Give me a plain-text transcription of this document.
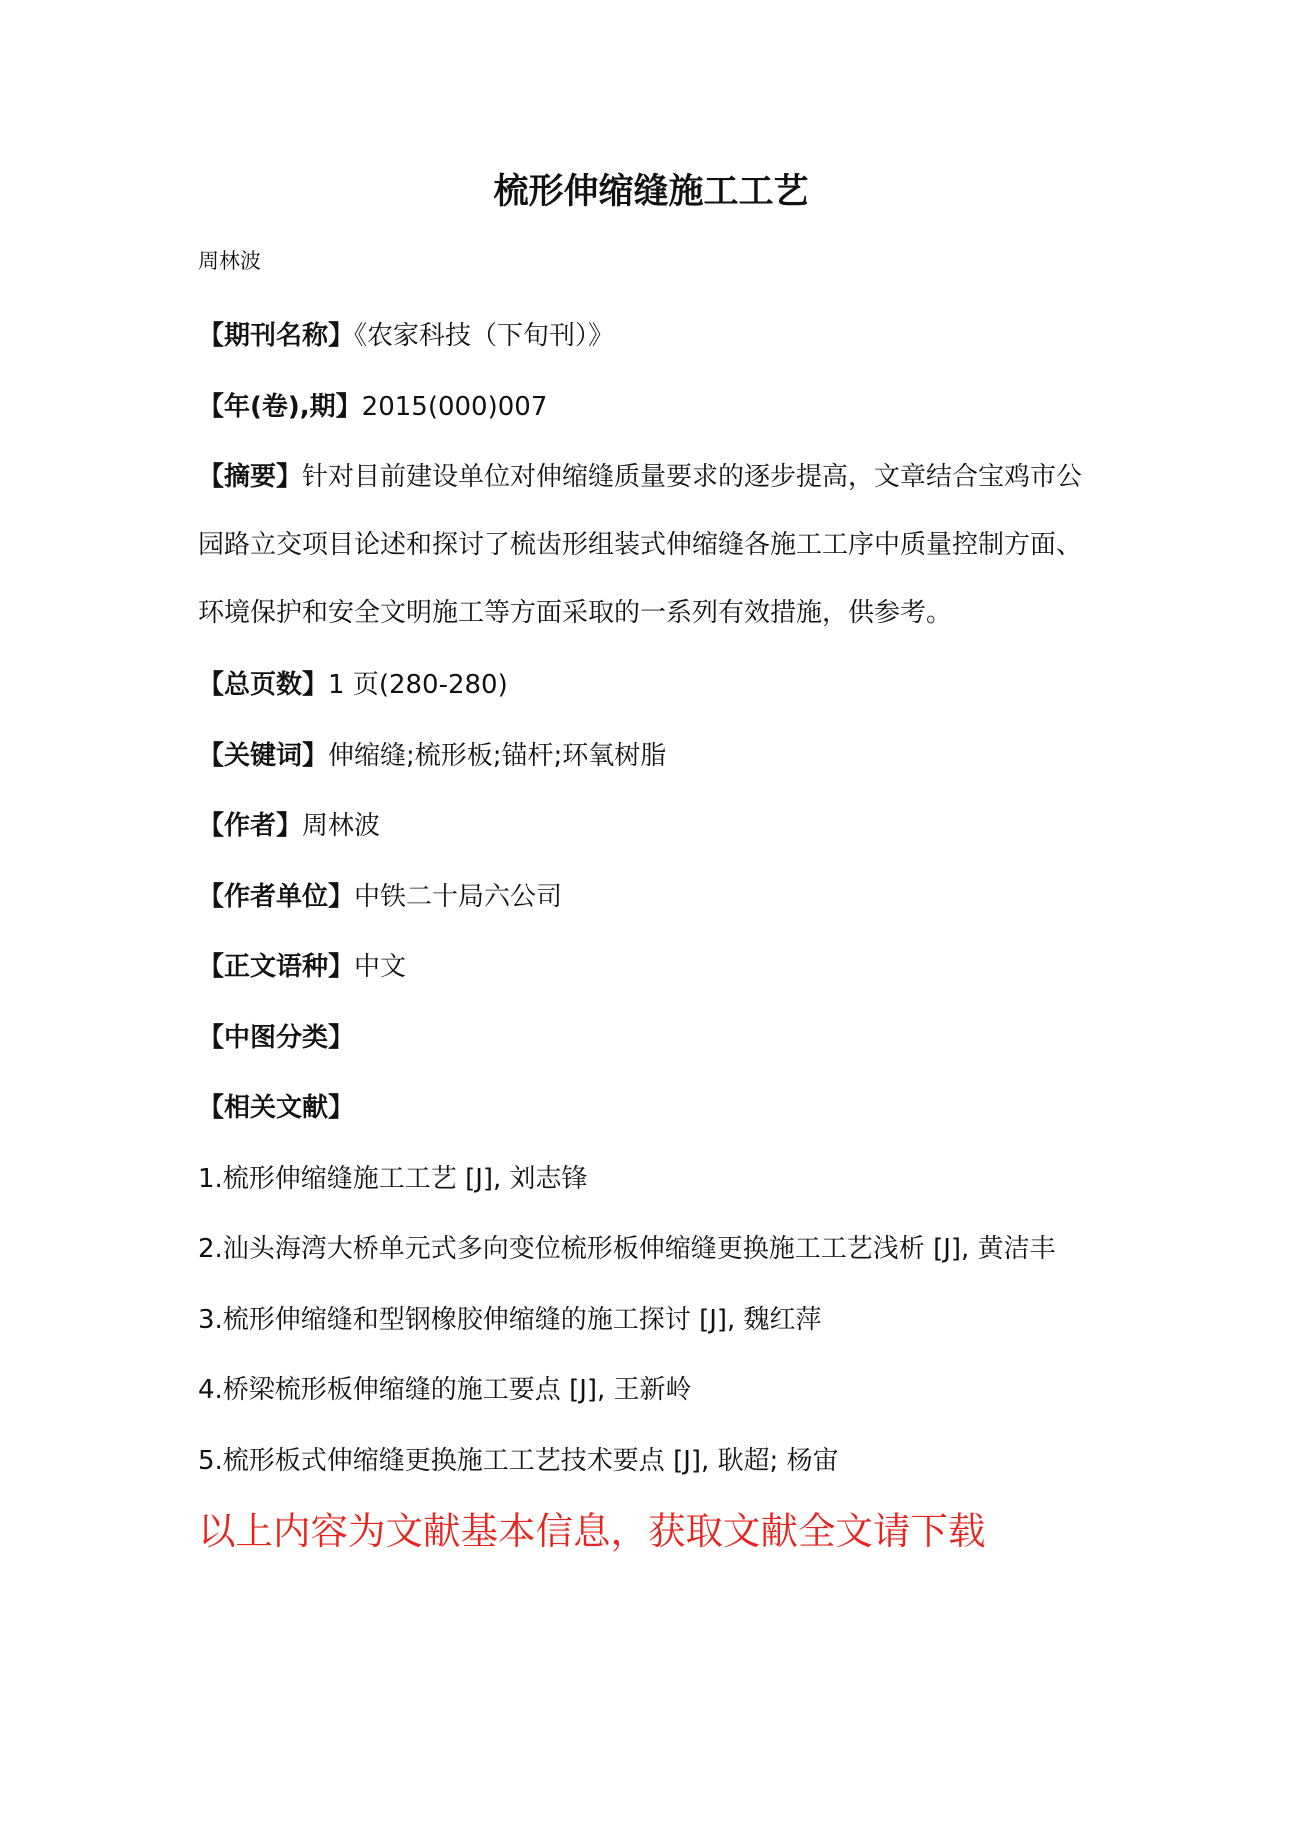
梳形伸缩缝施工工艺
周林波
【期刊名称】《农家科技（下旬刊）》
【年(卷),期】2015(000)007
【摘要】针对目前建设单位对伸缩缝质量要求的逐步提高，文章结合宝鸡市公园路立交项目论述和探讨了梳齿形组装式伸缩缝各施工工序中质量控制方面、环境保护和安全文明施工等方面采取的一系列有效措施，供参考。
【总页数】1 页(280-280)
【关键词】伸缩缝;梳形板;锚杆;环氧树脂
【作者】周林波
【作者单位】中铁二十局六公司
【正文语种】中文
【中图分类】
【相关文献】
1.梳形伸缩缝施工工艺 [J], 刘志锋
2.汕头海湾大桥单元式多向变位梳形板伸缩缝更换施工工艺浅析 [J], 黄洁丰
3.梳形伸缩缝和型钢橡胶伸缩缝的施工探讨 [J], 魏红萍
4.桥梁梳形板伸缩缝的施工要点 [J], 王新岭
5.梳形板式伸缩缝更换施工工艺技术要点 [J], 耿超; 杨宙
以上内容为文献基本信息，获取文献全文请下载
